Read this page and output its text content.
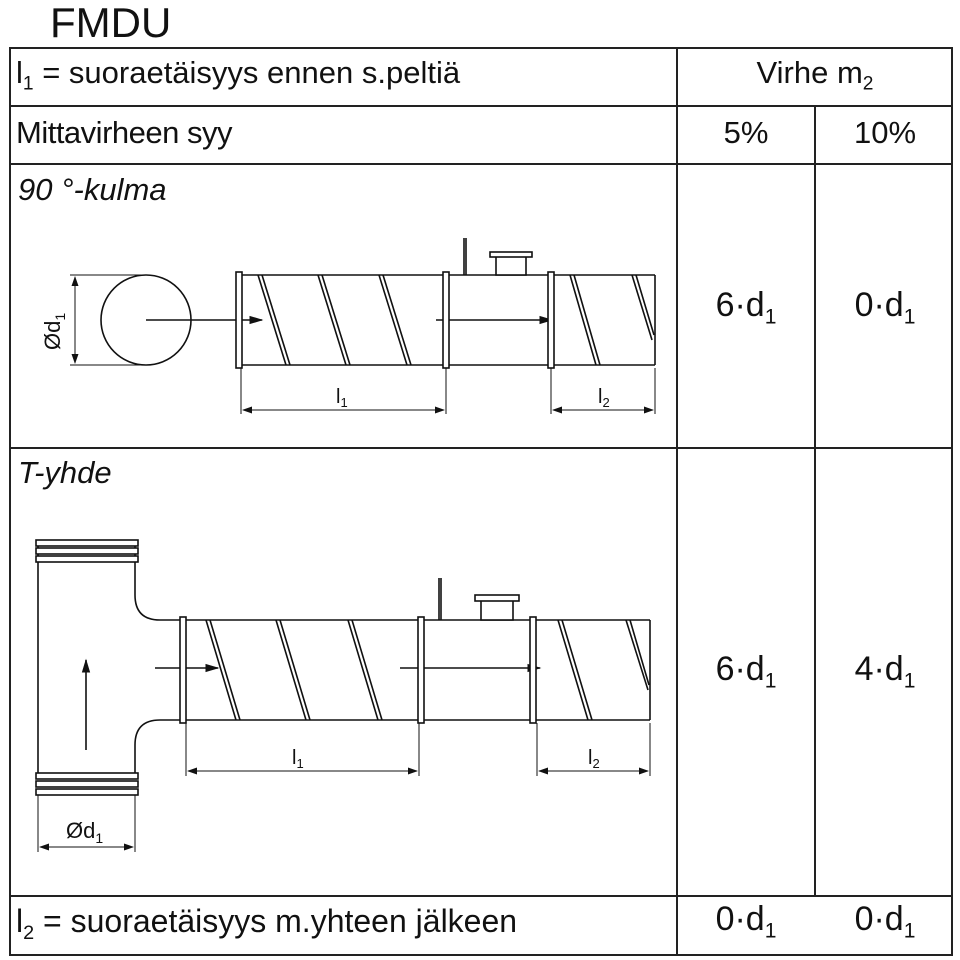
FMDU
$l_1$ = suoraetäisyys ennen s.peltiä	Virhe $m_2$
Mittavirheen syy	5%	10%
90 °-kulma
$6\cdot d_1$	$0\cdot d_1$
T-yhde
$6\cdot d_1$	$4\cdot d_1$
$l_2$ = suoraetäisyys m.yhteen jälkeen	$0\cdot d_1$	$0\cdot d_1$
$Ød_1$
$l_1$	$l_2$
$l_1$	$l_2$
$Ød_1$
